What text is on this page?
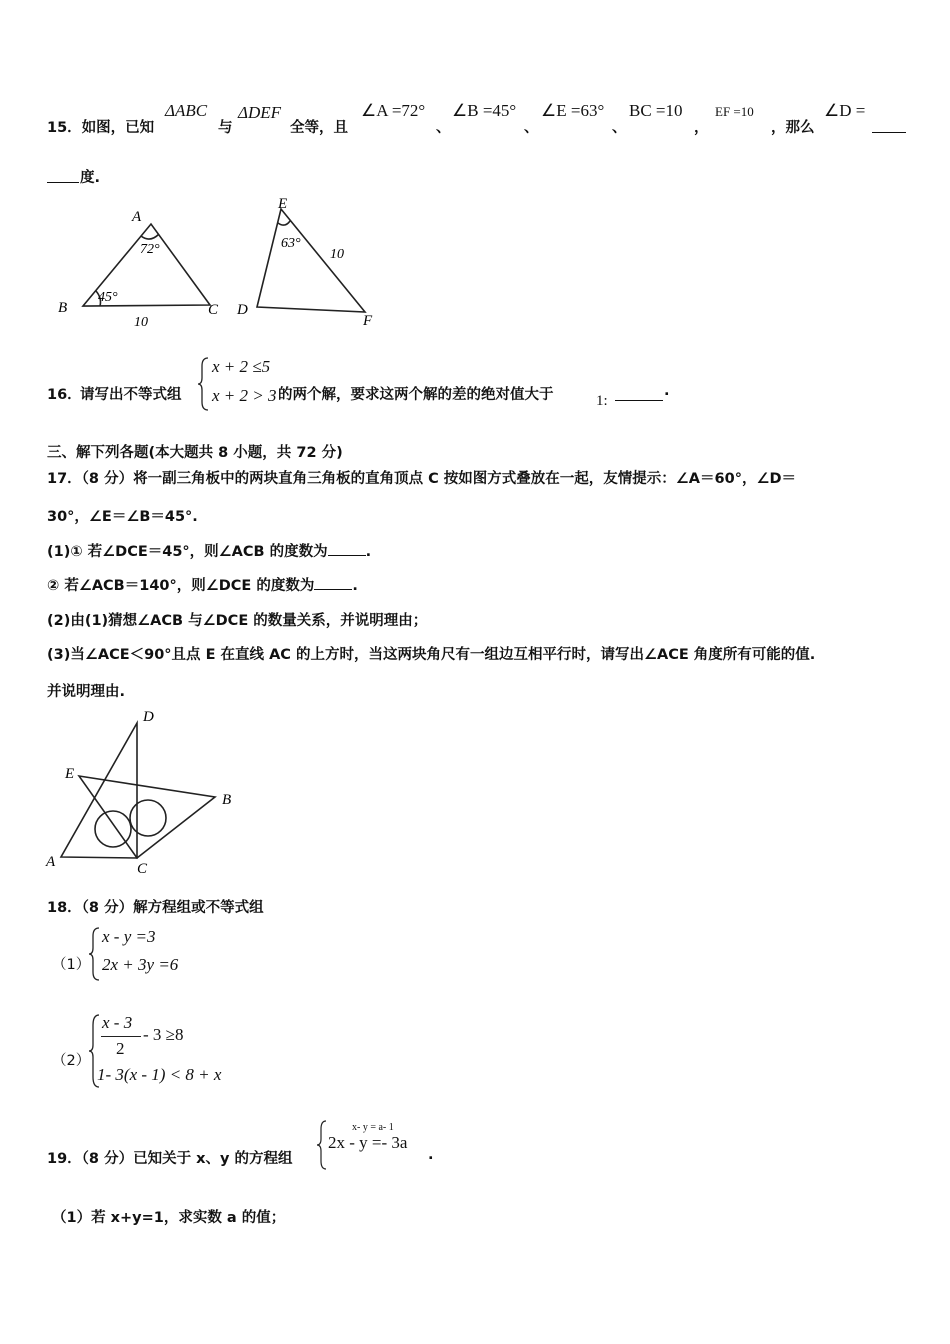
15．如图，已知
ΔABC
与
ΔDEF
全等，且
∠A =72°
、
∠B =45°
、
∠E =63°
、
BC =10
，
EF =10
，那么
∠D =
度.
A
72°
B
45°
C
10
D
E
63°
F
10
16．
请写出不等式组
x + 2 ≤5
x + 2 > 3 的两个解，要求这两个解的差的绝对值大于	1:
.
三、解下列各题(本大题共 8 小题，共 72 分)
17．（8 分）将一副三角板中的两块直角三角板的直角顶点 C 按如图方式叠放在一起，友情提示：∠A＝60°，∠D＝
30°，∠E＝∠B＝45°.
(1)① 若∠DCE＝45°，则∠ACB 的度数为	.
② 若∠ACB＝140°，则∠DCE 的度数为	.
(2)由(1)猜想∠ACB 与∠DCE 的数量关系，并说明理由；
(3)当∠ACE＜90°且点 E 在直线 AC 的上方时，当这两块角尺有一组边互相平行时，请写出∠ACE 角度所有可能的值.
并说明理由.
D
E
B
A	C
18．（8 分）解方程组或不等式组
（1）
x - y =3
2x + 3y =6
（2）
x - 3
2
- 3 ≥8
1- 3(x - 1) < 8 + x
19．（8 分）已知关于 x、y 的方程组
x- y = a- 1
2x - y =- 3a
.
（1）若 x+y=1，求实数 a 的值；
